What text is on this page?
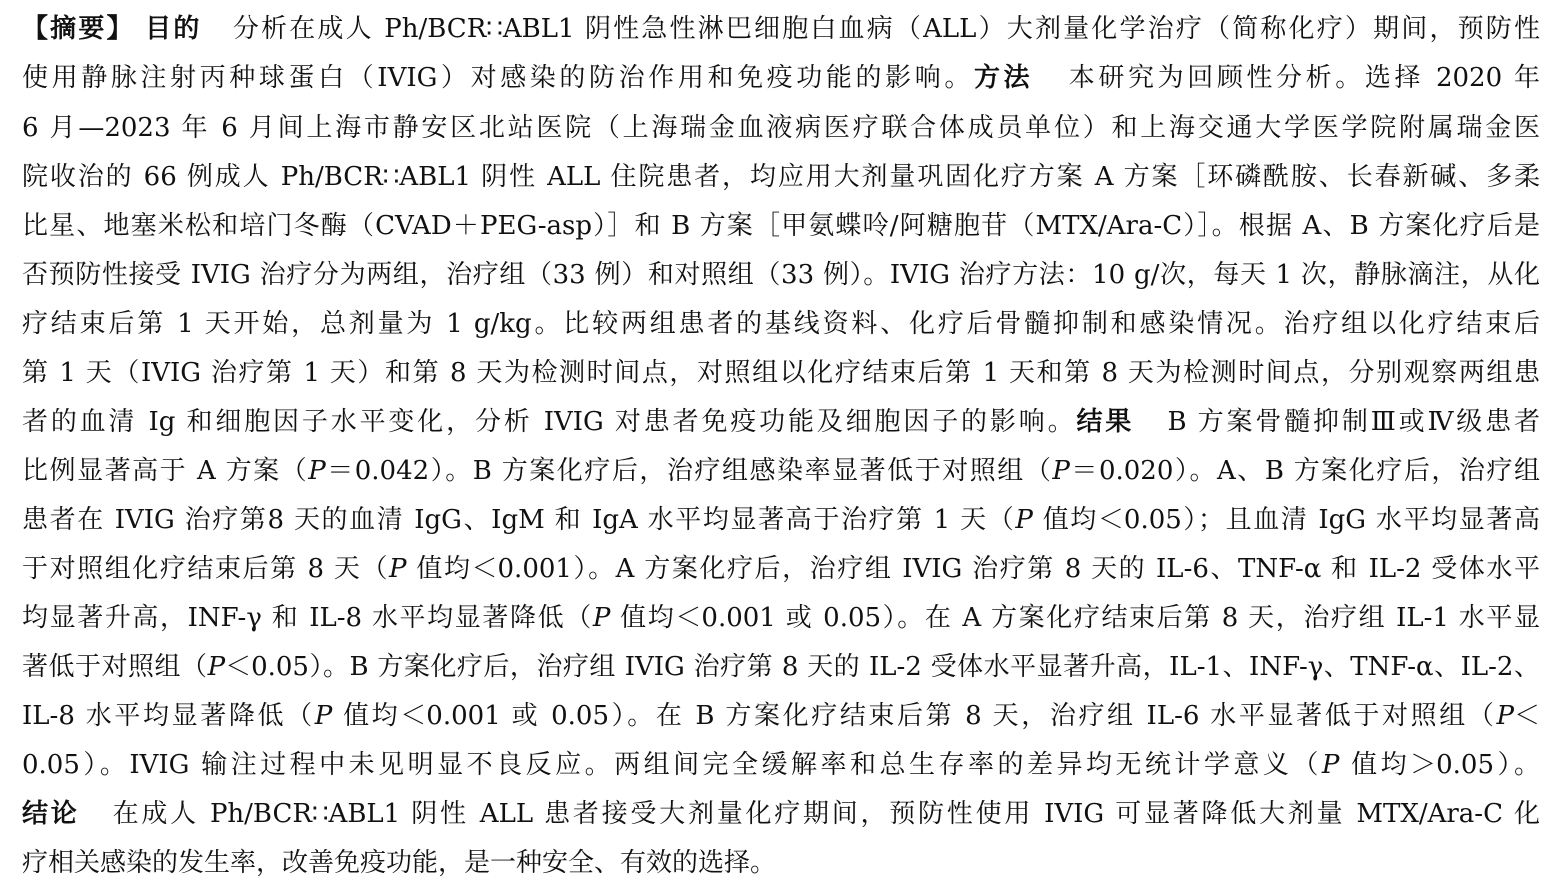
【摘要】 目的 分析在成人 Ph/BCR∷ABL1 阴性急性淋巴细胞白血病（ALL）大剂量化学治疗（简称化疗）期间，预防性
使用静脉注射丙种球蛋白（IVIG）对感染的防治作用和免疫功能的影响。方法 本研究为回顾性分析。选择 2020 年
6 月—2023 年 6 月间上海市静安区北站医院（上海瑞金血液病医疗联合体成员单位）和上海交通大学医学院附属瑞金医
院收治的 66 例成人 Ph/BCR∷ABL1 阴性 ALL 住院患者，均应用大剂量巩固化疗方案 A 方案［环磷酰胺、长春新碱、多柔
比星、地塞米松和培门冬酶（CVAD＋PEG-asp）］和 B 方案［甲氨蝶呤/阿糖胞苷（MTX/Ara-C）］。根据 A、B 方案化疗后是
否预防性接受 IVIG 治疗分为两组，治疗组（33 例）和对照组（33 例）。IVIG 治疗方法：10 g/次，每天 1 次，静脉滴注，从化
疗结束后第 1 天开始，总剂量为 1 g/kg。比较两组患者的基线资料、化疗后骨髓抑制和感染情况。治疗组以化疗结束后
第 1 天（IVIG 治疗第 1 天）和第 8 天为检测时间点，对照组以化疗结束后第 1 天和第 8 天为检测时间点，分别观察两组患
者的血清 Ig 和细胞因子水平变化，分析 IVIG 对患者免疫功能及细胞因子的影响。结果 B 方案骨髓抑制Ⅲ或Ⅳ级患者
比例显著高于 A 方案（P＝0.042）。B 方案化疗后，治疗组感染率显著低于对照组（P＝0.020）。A、B 方案化疗后，治疗组
患者在 IVIG 治疗第8 天的血清 IgG、IgM 和 IgA 水平均显著高于治疗第 1 天（P 值均＜0.05）；且血清 IgG 水平均显著高
于对照组化疗结束后第 8 天（P 值均＜0.001）。A 方案化疗后，治疗组 IVIG 治疗第 8 天的 IL-6、TNF-α 和 IL-2 受体水平
均显著升高，INF-γ 和 IL-8 水平均显著降低（P 值均＜0.001 或 0.05）。在 A 方案化疗结束后第 8 天，治疗组 IL-1 水平显
著低于对照组（P＜0.05）。B 方案化疗后，治疗组 IVIG 治疗第 8 天的 IL-2 受体水平显著升高，IL-1、INF-γ、TNF-α、IL-2、
IL-8 水平均显著降低（P 值均＜0.001 或 0.05）。在 B 方案化疗结束后第 8 天，治疗组 IL-6 水平显著低于对照组（P＜
0.05）。IVIG 输注过程中未见明显不良反应。两组间完全缓解率和总生存率的差异均无统计学意义（P 值均＞0.05）。
结论 在成人 Ph/BCR∷ABL1 阴性 ALL 患者接受大剂量化疗期间，预防性使用 IVIG 可显著降低大剂量 MTX/Ara-C 化
疗相关感染的发生率，改善免疫功能，是一种安全、有效的选择。
